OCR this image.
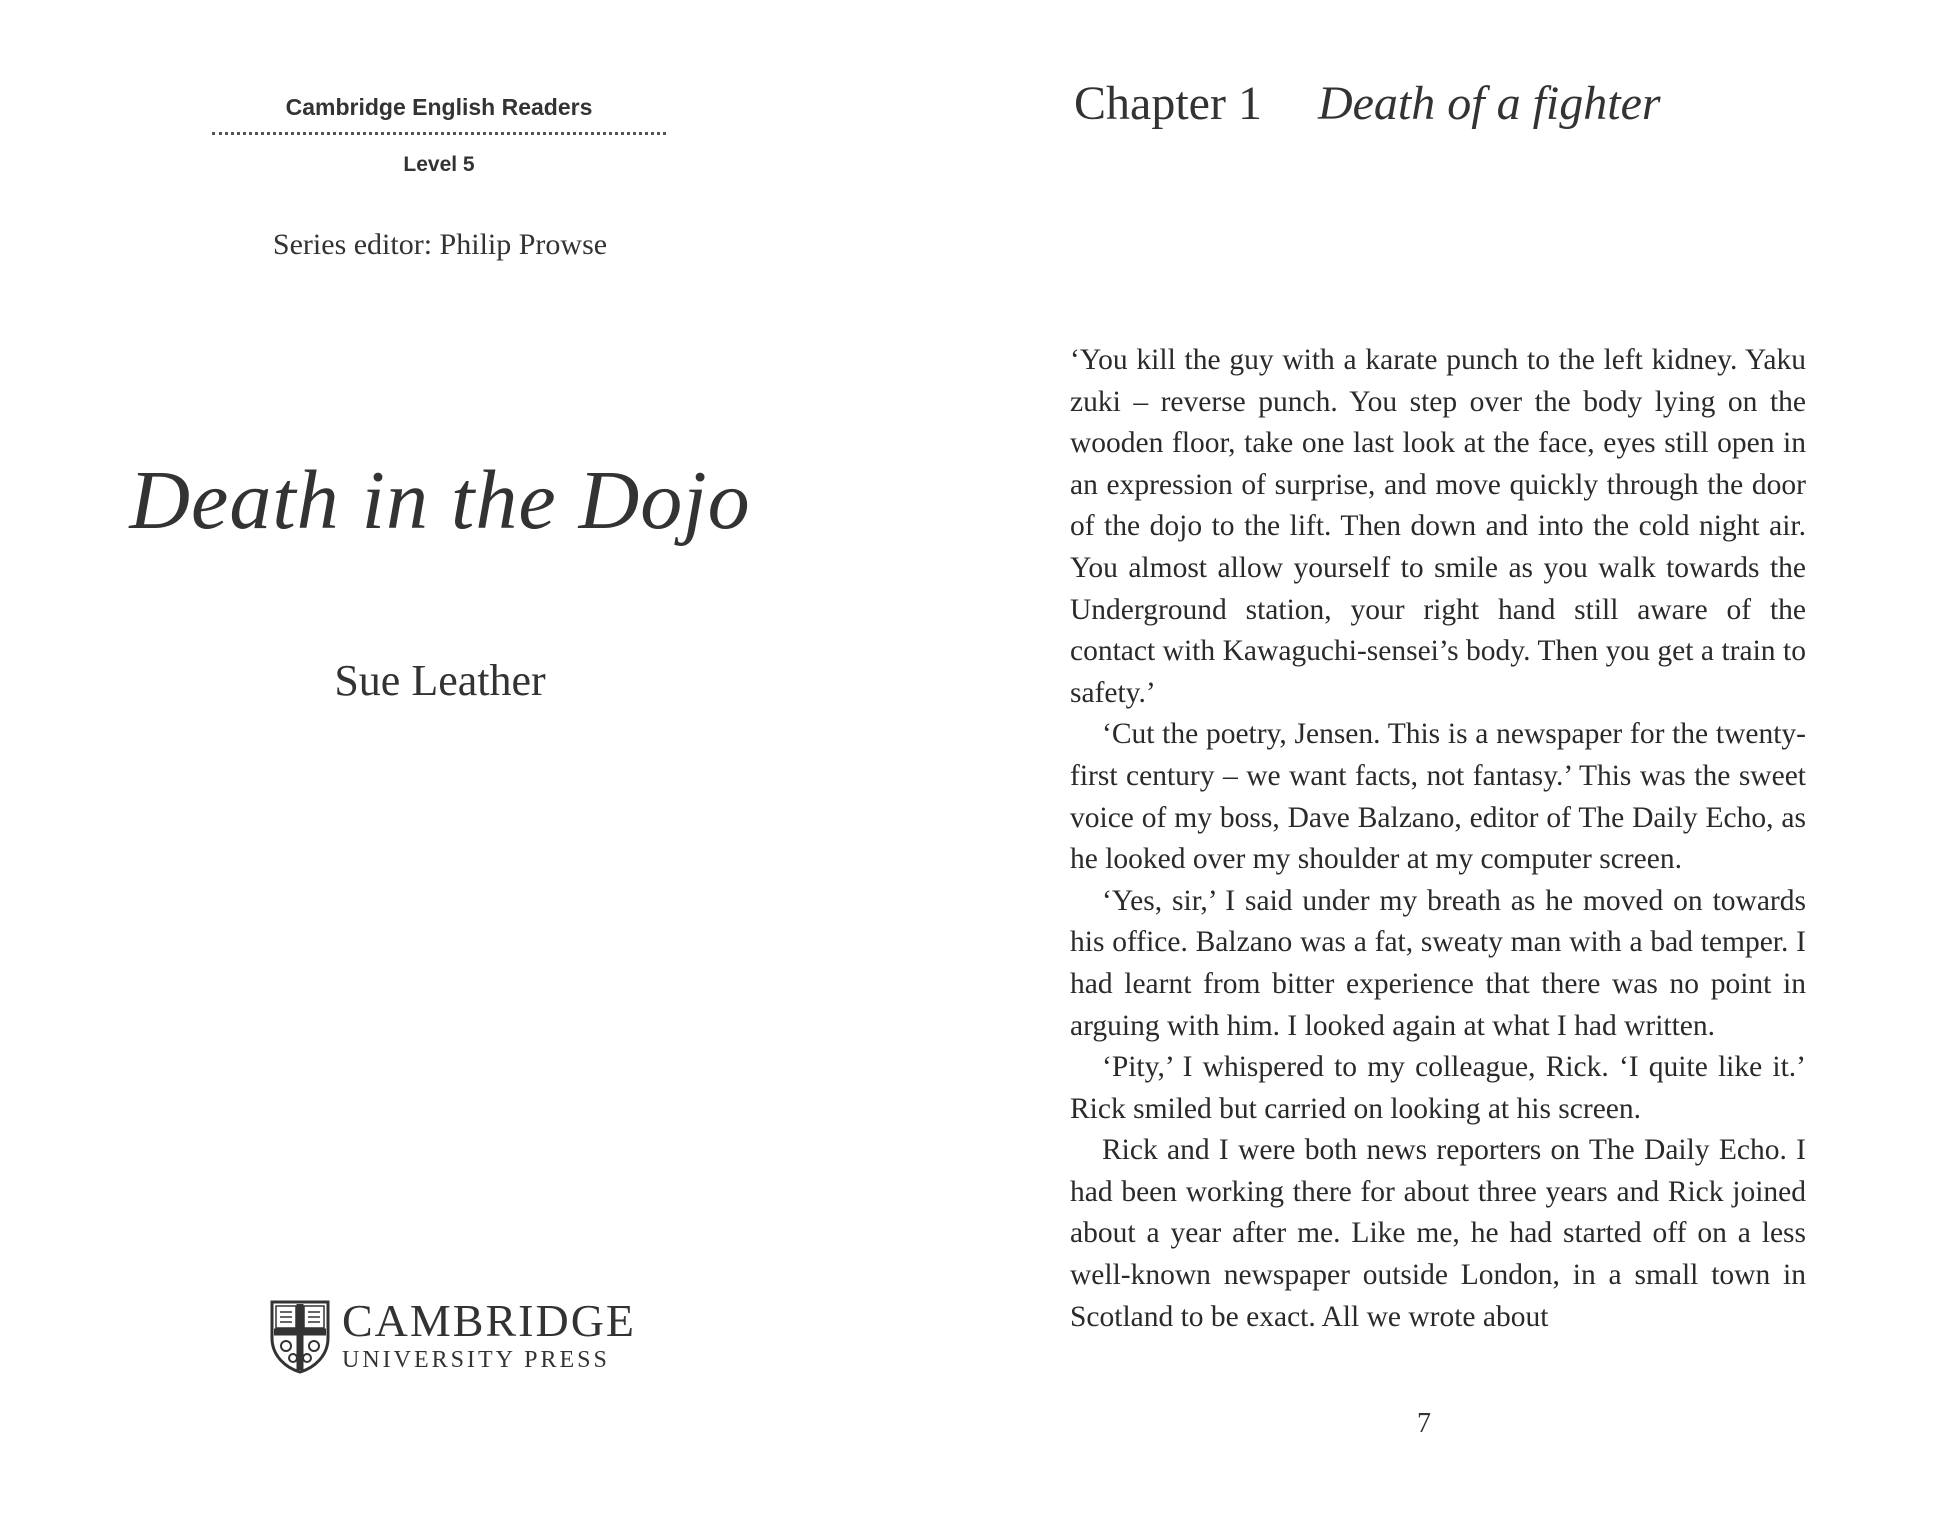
Cambridge English Readers
Level 5
Series editor: Philip Prowse
Death in the Dojo
Sue Leather
CAMBRIDGE
UNIVERSITY PRESS
Chapter 1 Death of a fighter

‘You kill the guy with a karate punch to the left kidney. Yaku zuki – reverse punch. You step over the body lying on the wooden floor, take one last look at the face, eyes still open in an expression of surprise, and move quickly through the door of the dojo to the lift. Then down and into the cold night air. You almost allow yourself to smile as you walk towards the Underground station, your right hand still aware of the contact with Kawaguchi-sensei’s body. Then you get a train to safety.’

‘Cut the poetry, Jensen. This is a newspaper for the twenty-first century – we want facts, not fantasy.’ This was the sweet voice of my boss, Dave Balzano, editor of The Daily Echo, as he looked over my shoulder at my computer screen.

‘Yes, sir,’ I said under my breath as he moved on towards his office. Balzano was a fat, sweaty man with a bad temper. I had learnt from bitter experience that there was no point in arguing with him. I looked again at what I had written.

‘Pity,’ I whispered to my colleague, Rick. ‘I quite like it.’ Rick smiled but carried on looking at his screen.

Rick and I were both news reporters on The Daily Echo. I had been working there for about three years and Rick joined about a year after me. Like me, he had started off on a less well-known newspaper outside London, in a small town in Scotland to be exact. All we wrote about

7
